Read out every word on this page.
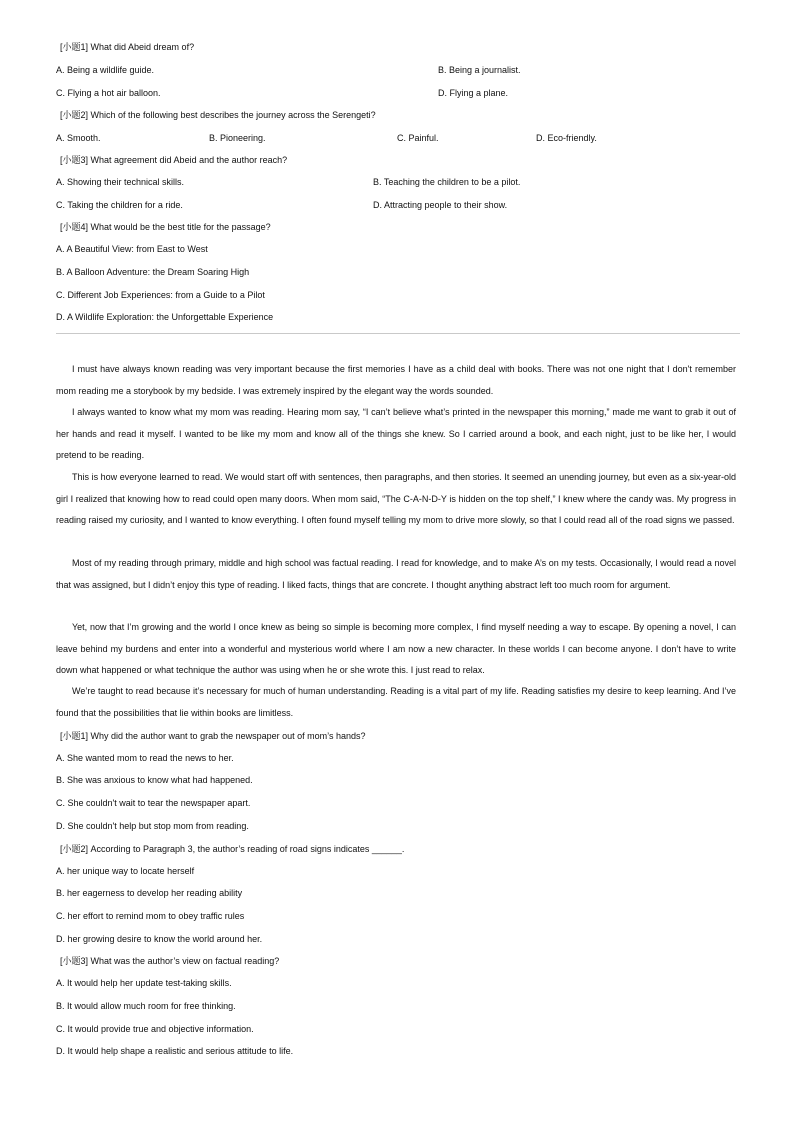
[小题1] What did Abeid dream of?
A. Being a wildlife guide.	B. Being a journalist.
C. Flying a hot air balloon.	D. Flying a plane.
[小题2] Which of the following best describes the journey across the Serengeti?
A. Smooth.	B. Pioneering.	C. Painful.	D. Eco-friendly.
[小题3] What agreement did Abeid and the author reach?
A. Showing their technical skills.	B. Teaching the children to be a pilot.
C. Taking the children for a ride.	D. Attracting people to their show.
[小题4] What would be the best title for the passage?
A. A Beautiful View: from East to West
B. A Balloon Adventure: the Dream Soaring High
C. Different Job Experiences: from a Guide to a Pilot
D. A Wildlife Exploration: the Unforgettable Experience
I must have always known reading was very important because the first memories I have as a child deal with books. There was not one night that I don't remember mom reading me a storybook by my bedside. I was extremely inspired by the elegant way the words sounded.
I always wanted to know what my mom was reading. Hearing mom say, “I can’t believe what’s printed in the newspaper this morning,” made me want to grab it out of her hands and read it myself. I wanted to be like my mom and know all of the things she knew. So I carried around a book, and each night, just to be like her, I would pretend to be reading.
This is how everyone learned to read. We would start off with sentences, then paragraphs, and then stories. It seemed an unending journey, but even as a six-year-old girl I realized that knowing how to read could open many doors. When mom said, “The C-A-N-D-Y is hidden on the top shelf,” I knew where the candy was. My progress in reading raised my curiosity, and I wanted to know everything. I often found myself telling my mom to drive more slowly, so that I could read all of the road signs we passed.
Most of my reading through primary, middle and high school was factual reading. I read for knowledge, and to make A’s on my tests. Occasionally, I would read a novel that was assigned, but I didn’t enjoy this type of reading. I liked facts, things that are concrete. I thought anything abstract left too much room for argument.
Yet, now that I’m growing and the world I once knew as being so simple is becoming more complex, I find myself needing a way to escape. By opening a novel, I can leave behind my burdens and enter into a wonderful and mysterious world where I am now a new character. In these worlds I can become anyone. I don’t have to write down what happened or what technique the author was using when he or she wrote this. I just read to relax.
We’re taught to read because it’s necessary for much of human understanding. Reading is a vital part of my life. Reading satisfies my desire to keep learning. And I’ve found that the possibilities that lie within books are limitless.
[小题1] Why did the author want to grab the newspaper out of mom’s hands?
A. She wanted mom to read the news to her.
B. She was anxious to know what had happened.
C. She couldn't wait to tear the newspaper apart.
D. She couldn't help but stop mom from reading.
[小题2] According to Paragraph 3, the author’s reading of road signs indicates ______.
A. her unique way to locate herself
B. her eagerness to develop her reading ability
C. her effort to remind mom to obey traffic rules
D. her growing desire to know the world around her.
[小题3] What was the author’s view on factual reading?
A. It would help her update test-taking skills.
B. It would allow much room for free thinking.
C. It would provide true and objective information.
D. It would help shape a realistic and serious attitude to life.
